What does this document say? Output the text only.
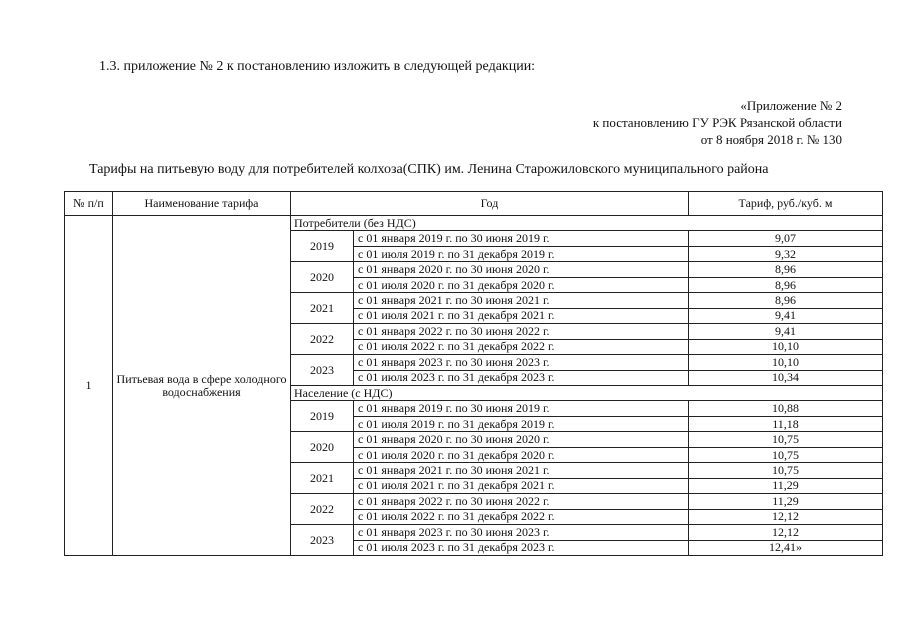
1.3. приложение № 2 к постановлению изложить в следующей редакции:
«Приложение № 2
к постановлению ГУ РЭК Рязанской области
от 8 ноября 2018 г. № 130
Тарифы на питьевую воду для потребителей колхоза(СПК) им. Ленина Старожиловского муниципального района
№ п/п	Наименование тарифа	Год		Тариф, руб./куб. м
1	Питьевая вода в сфере холодного водоснабжения	Потребители (без НДС)		
		2019	с 01 января 2019 г. по 30 июня 2019 г.	9,07
			с 01 июля 2019 г. по 31 декабря 2019 г.	9,32
		2020	с 01 января 2020 г. по 30 июня 2020 г.	8,96
			с 01 июля 2020 г. по 31 декабря 2020 г.	8,96
		2021	с 01 января 2021 г. по 30 июня 2021 г.	8,96
			с 01 июля 2021 г. по 31 декабря 2021 г.	9,41
		2022	с 01 января 2022 г. по 30 июня 2022 г.	9,41
			с 01 июля 2022 г. по 31 декабря 2022 г.	10,10
		2023	с 01 января 2023 г. по 30 июня 2023 г.	10,10
			с 01 июля 2023 г. по 31 декабря 2023 г.	10,34
		Население (с НДС)		
		2019	с 01 января 2019 г. по 30 июня 2019 г.	10,88
			с 01 июля 2019 г. по 31 декабря 2019 г.	11,18
		2020	с 01 января 2020 г. по 30 июня 2020 г.	10,75
			с 01 июля 2020 г. по 31 декабря 2020 г.	10,75
		2021	с 01 января 2021 г. по 30 июня 2021 г.	10,75
			с 01 июля 2021 г. по 31 декабря 2021 г.	11,29
		2022	с 01 января 2022 г. по 30 июня 2022 г.	11,29
			с 01 июля 2022 г. по 31 декабря 2022 г.	12,12
		2023	с 01 января 2023 г. по 30 июня 2023 г.	12,12
			с 01 июля 2023 г. по 31 декабря 2023 г.	12,41»
